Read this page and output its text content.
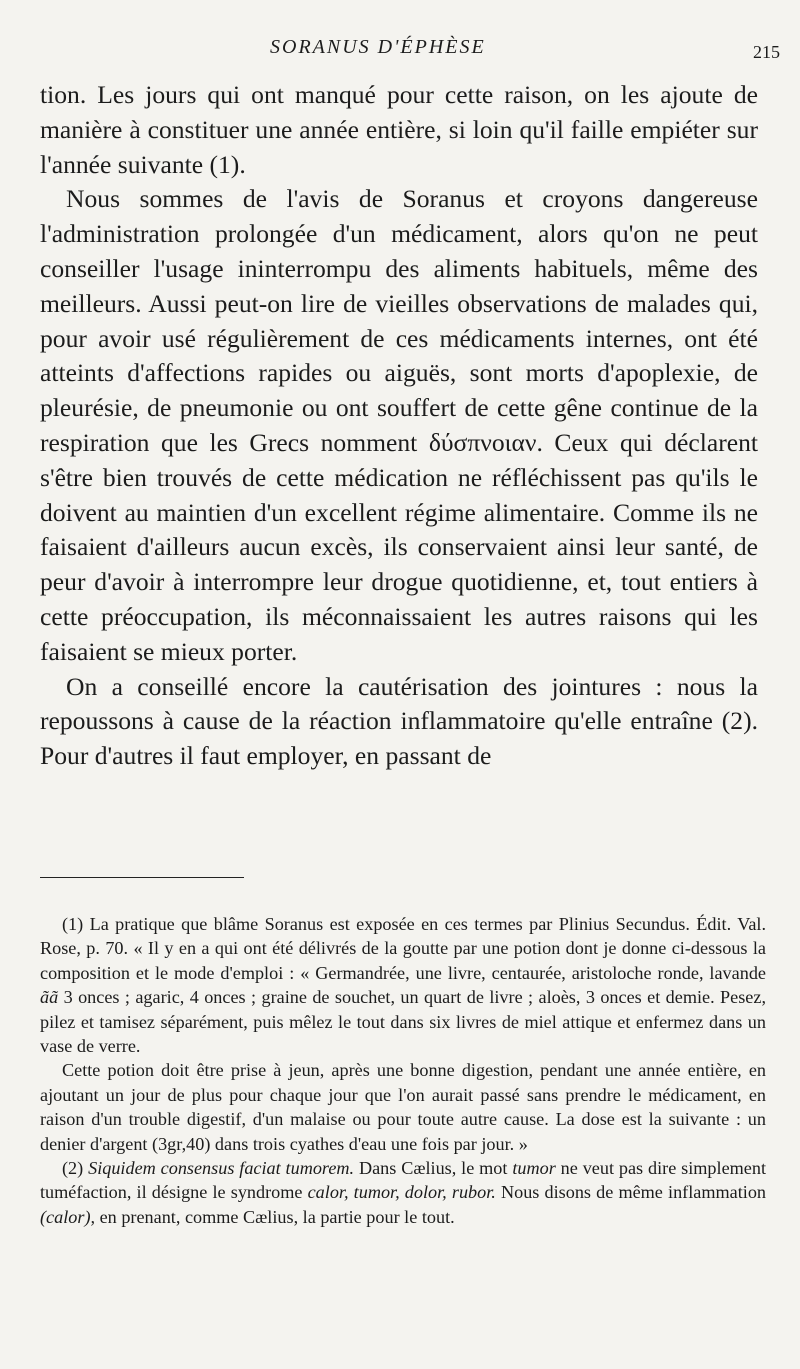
SORANUS D'ÉPHÈSE	215

tion. Les jours qui ont manqué pour cette raison, on les ajoute de manière à constituer une année entière, si loin qu'il faille empiéter sur l'année suivante (1).

Nous sommes de l'avis de Soranus et croyons dangereuse l'administration prolongée d'un médicament, alors qu'on ne peut conseiller l'usage ininterrompu des aliments habituels, même des meilleurs. Aussi peut-on lire de vieilles observations de malades qui, pour avoir usé régulièrement de ces médicaments internes, ont été atteints d'affections rapides ou aiguës, sont morts d'apoplexie, de pleurésie, de pneumonie ou ont souffert de cette gêne continue de la respiration que les Grecs nomment δύσπνοιαν. Ceux qui déclarent s'être bien trouvés de cette médication ne réfléchissent pas qu'ils le doivent au maintien d'un excellent régime alimentaire. Comme ils ne faisaient d'ailleurs aucun excès, ils conservaient ainsi leur santé, de peur d'avoir à interrompre leur drogue quotidienne, et, tout entiers à cette préoccupation, ils méconnaissaient les autres raisons qui les faisaient se mieux porter.

On a conseillé encore la cautérisation des jointures : nous la repoussons à cause de la réaction inflammatoire qu'elle entraîne (2). Pour d'autres il faut employer, en passant de

(1) La pratique que blâme Soranus est exposée en ces termes par Plinius Secundus. Édit. Val. Rose, p. 70. « Il y en a qui ont été délivrés de la goutte par une potion dont je donne ci-dessous la composition et le mode d'emploi : « Germandrée, une livre, centaurée, aristoloche ronde, lavande ãã 3 onces ; agaric, 4 onces ; graine de souchet, un quart de livre ; aloès, 3 onces et demie. Pesez, pilez et tamisez séparément, puis mêlez le tout dans six livres de miel attique et enfermez dans un vase de verre.

Cette potion doit être prise à jeun, après une bonne digestion, pendant une année entière, en ajoutant un jour de plus pour chaque jour que l'on aurait passé sans prendre le médicament, en raison d'un trouble digestif, d'un malaise ou pour toute autre cause. La dose est la suivante : un denier d'argent (3gr,40) dans trois cyathes d'eau une fois par jour. »

(2) Siquidem consensus faciat tumorem. Dans Cælius, le mot tumor ne veut pas dire simplement tuméfaction, il désigne le syndrome calor, tumor, dolor, rubor. Nous disons de même inflammation (calor), en prenant, comme Cælius, la partie pour le tout.
